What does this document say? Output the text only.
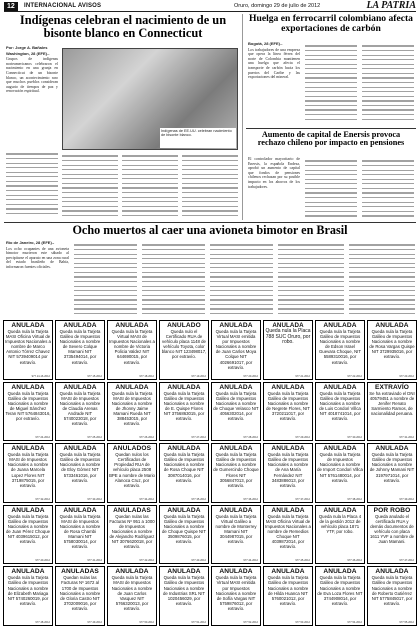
12	INTERNACIONAL AVISOS	Oruro, domingo 29 de julio de 2012	LA PATRIA
Indígenas celebran el nacimiento de un bisonte blanco en Connecticut
Por: Jorge A. Bañales
Washington, 28 (EFE).-
Grupos de indígenas norteamericanos celebraron el nacimiento en una granja en Connecticut de un bisonte blanco, un acontecimiento raro que muchos pueblos consideran augurio de tiempos de paz y renovación espiritual.
Indígenas de EE.UU. celebran nacimiento de bisonte blanco.
Huelga en ferrocarril colombiano afecta exportaciones de carbón
Bogotá, 28 (EFE).-
Los trabajadores de una empresa que opera la línea férrea del norte de Colombia mantienen una huelga que afecta el transporte de carbón hacia los puertos del Caribe y las exportaciones del mineral.
Aumento de capital de Enersis provoca rechazo chileno por impacto en pensiones
El controlador mayoritario de Enersis, la española Endesa, aprobó un aumento de capital que fondos de pensiones chilenos rechazan por su posible impacto en los ahorros de los trabajadores.
Ocho muertos al caer una avioneta bimotor en Brasil
Río de Janeiro, 28 (EFE).-
Los ocho ocupantes de una avioneta bimotor murieron este sábado al precipitarse el aparato en una zona rural del estado brasileño de Bahía, informaron fuentes oficiales.
ANULADA
Queda nula la Tarjeta MASI Oficina Virtual de Impuestos Nacionales a nombre de Marco Antonio Tórrez Chavez NIT 5739409014 por extravío.
977.14-16-2012
ANULADA
Queda nula la Tarjeta Galileo de Impuestos Nacionales a nombre de Severo Colque Mamani NIT 3735494014, por extravío.
977.15-2012
ANULADA
Queda nula la Tarjeta Virtual MASI de Impuestos Nacionales a nombre de Victoria Policia Valdez NIT 644690015, por extravío.
977.18-2012
ANULADO
Queda nulo el Certificado RUA de vehículo placa 1148 de vehículo Toyota, color blanco NIT 123498017, por extravío.
977.19-2012
ANULADA
Queda nula la Tarjeta Virtual MASI emitida por Impuestos Nacionales a nombre de Juan Carlos Moya Colque NIT 4026691017, por extravío.
977.20-2012
ANULADA
Queda nula la Placa 788 SUC Oruro, por robo.
977.21-2012
ANULADA
Queda nula la Tarjeta Galileo de Impuestos Nacionales a nombre de Edson Israel Guevara Choque, NIT 5589310016, por extravío.
977.22-2012
ANULADA
Queda nula la Tarjeta Galileo de Impuestos Nacionales a nombre de Rosa Vargas Quispe NIT 3729935016, por extravío.
977.23-2012
ANULADA
Queda nula la Tarjeta Galileo de Impuestos Nacionales a nombre de Miguel Sánchez Teran NIT 5764843016, por extravío.
977.24-2012
ANULADA
Queda nula la Tarjeta MASI de Impuestos Nacionales a nombre de Claudia Arenas Andrade NIT 5740023018, por extravío.
977.25-2012
ANULADA
Queda nula la Tarjeta MASI de Impuestos Nacionales a nombre de Jhonny Jaime Mamani Rueda NIT 388453015, por extravío.
977.26-2012
ANULADA
Queda nula la Tarjeta Galileo de Impuestos Nacionales a nombre de E. Quispe Flores NIT 3756863015, por extravío.
977.27-2012
ANULADA
Queda nula la Tarjeta Galileo de Impuestos Nacionales a nombre de Choque Velasco NIT 4056302014, por extravío.
977.28-2012
ANULADA
Queda nula la Tarjeta Galileo de Impuestos Nacionales a nombre de Negrete Flores, NIT 3720211017, por extravío.
977.29-2012
ANULADA
Queda nula la Tarjeta Galileo de Impuestos Nacionales a nombre de Luis Condori Villca NIT 4018741014, por extravío.
977.30-2012
EXTRAVÍO
Se ha extraviado el DNI 40579451 a nombre de Jenifer Renato Sarmiento Ramos, de nacionalidad peruana.
977.31-2012
ANULADA
Queda nula la Tarjeta MASI de Impuestos Nacionales a nombre de Juana Marcela Lopez Flores NIT 3719875015, por extravío.
977.32-2012
ANULADA
Queda nula la Tarjeta Galileo de Impuestos Nacionales a nombre de Eloy Gómez NIT 5733461016, por extravío.
977.33-2012
ANULADOS
Quedan nulos los Certificados de Propiedad RUA de vehículo placa 2508 BPE a nombre de Mario Alanoca Cruz, por extravío.
977.34-2012
ANULADA
Queda nula la Tarjeta Galileo de Impuestos Nacionales a nombre de Rosa Choque NIT 3087014016, por extravío.
977.35-2012
ANULADA
Queda nula la Tarjeta Galileo de Impuestos Nacionales a nombre de Gumercindo Choque Flores NIT 3056847013, por extravío.
977.36-2012
ANULADA
Queda nula la Tarjeta Galileo de Impuestos Nacionales a nombre de Ana María Fernández NIT 3483886013, por extravío.
977.37-2012
ANULADA
Queda nula la Tarjeta de Impuestos Nacionales a nombre de Import Condori Villca NIT 5761480014, por extravío.
977.38-2012
ANULADA
Queda nula la Tarjeta Galileo de Impuestos Nacionales a nombre de Johnny Mamani NIT 3197971014, por extravío.
977.39-2012
ANULADA
Queda nula la Tarjeta Galileo de Impuestos Nacionales a nombre de Juan Pérez Choque NIT 4039615012, por extravío.
977.40-2012
ANULADA
Queda nula la Tarjeta MASI de Impuestos Nacionales a nombre de Rosa Chambi Mamani NIT 5758030014, por extravío.
977.41-2012
ANULADAS
Quedan nulas las Facturas Nº 951 a 1000 de Impuestos Nacionales a nombre de Alejandro Rodríguez NIT 3076620018, por extravío.
977.42-2012
ANULADA
Queda nula la Tarjeta Galileo de Impuestos Nacionales a nombre de Choque Quispe NIT 3509876015, por extravío.
977.43-2012
ANULADA
Queda nula la Tarjeta Virtual Galileo a nombre de Monterrey Mamani NIT 3044987015, por extravío.
977.44-2012
ANULADA
Queda nula la Tarjeta MASI Oficina Virtual de Impuestos Nacionales a nombre de Remedios Choque NIT 4039872014, por extravío.
977.45-2012
ANULADA
Queda nula la Placa 4 de la gestión 2012 de vehículo placa 1871 YTF, por robo.
977.46-2012
POR ROBO
Queda anulado el certificado RUA y demás documentos de vehículo con placa 1611 YVF a nombre de Juan Mamani.
977.47-2012
ANULADA
Queda nula la Tarjeta Galileo de Impuestos Nacionales a nombre de Elizabeth Mariaga NIT 5740260019, por extravío.
977.48-2012
ANULADAS
Quedan nulas las Facturas Nº 1672 al 1700 de Impuestos Nacionales a nombre de Gloria Castro NIT 3702009016, por extravío.
977.49-2012
ANULADA
Queda nula la Tarjeta MASI de Impuestos Nacionales a nombre de Juan Carlos Vasquez NIT 5766320013, por extravío.
977.50-2012
ANULADA
Queda nula la Tarjeta Galileo de Impuestos Nacionales a nombre de Industrias SRL NIT 1020456029, por extravío.
977.51-2012
ANULADA
Queda nula la Tarjeta Virtual MASI emitida por Impuestos Nacionales a nombre de Sofía Vargas NIT 5759876012, por extravío.
977.52-2012
ANULADA
Queda nula la Tarjeta Galileo de Impuestos Nacionales a nombre de Hilda Huanca NIT 5760021012, por extravío.
977.53-2012
ANULADA
Queda nula la Tarjeta Galileo de Impuestos Nacionales a nombre de Eva Loza Flores NIT 3744908014, por extravío.
977.54-2012
ANULADA
Queda nula la Tarjeta Galileo de Impuestos Nacionales a nombre de Roberto Gutiérrez NIT 5775845017, por extravío.
977.55-2012
